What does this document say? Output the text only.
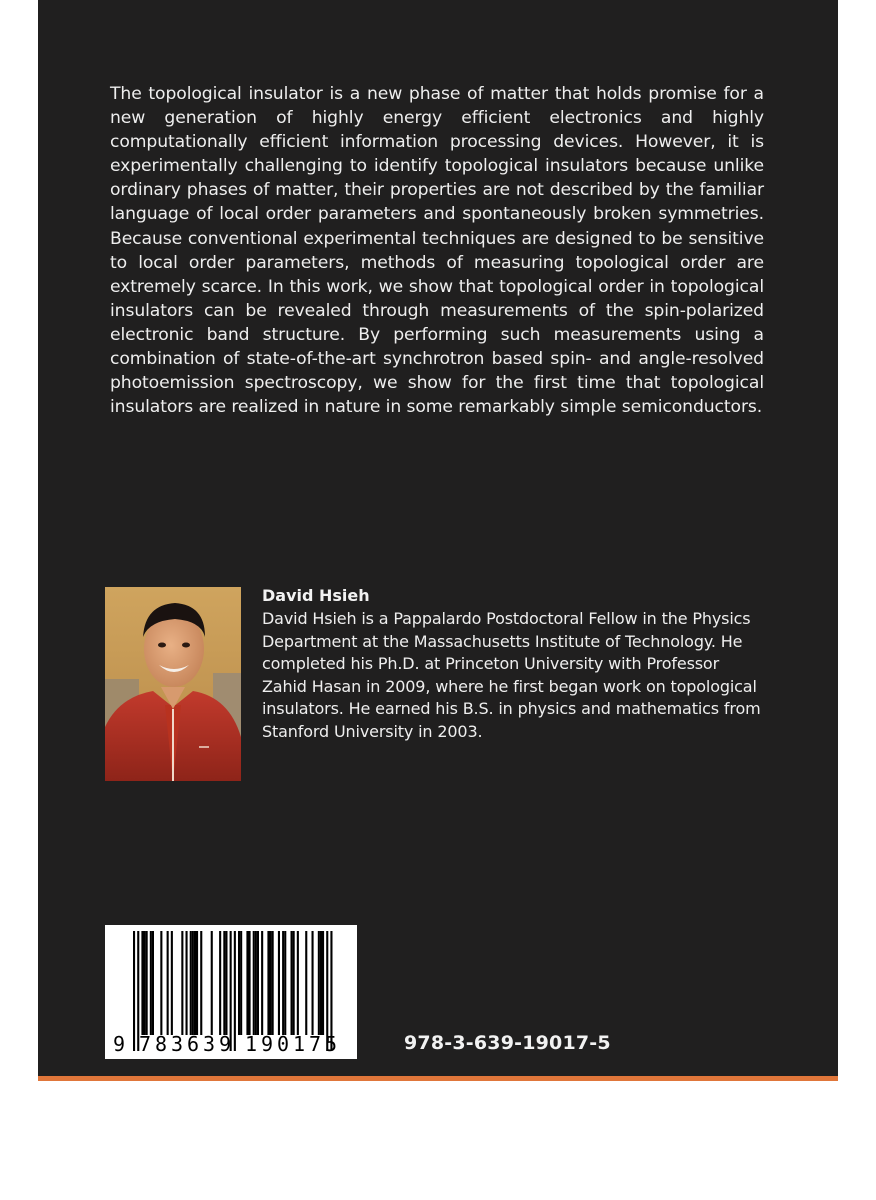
The topological insulator is a new phase of matter that holds promise for a new generation of highly energy efficient electronics and highly computationally efficient information processing devices. However, it is experimentally challenging to identify topological insulators because unlike ordinary phases of matter, their properties are not described by the familiar language of local order parameters and spontaneously broken symmetries. Because conventional experimental techniques are designed to be sensitive to local order parameters, methods of measuring topological order are extremely scarce. In this work, we show that topological order in topological insulators can be revealed through measurements of the spin-polarized electronic band structure. By performing such measurements using a combination of state-of-the-art synchrotron based spin- and angle-resolved photoemission spectroscopy, we show for the first time that topological insulators are realized in nature in some remarkably simple semiconductors.

David Hsieh

David Hsieh is a Pappalardo Postdoctoral Fellow in the Physics Department at the Massachusetts Institute of Technology. He completed his Ph.D. at Princeton University with Professor Zahid Hasan in 2009, where he first began work on topological insulators. He earned his B.S. in physics and mathematics from Stanford University in 2003.

9 7 8 3 6 3 9 1 9 0 1 7 5	978-3-639-19017-5
